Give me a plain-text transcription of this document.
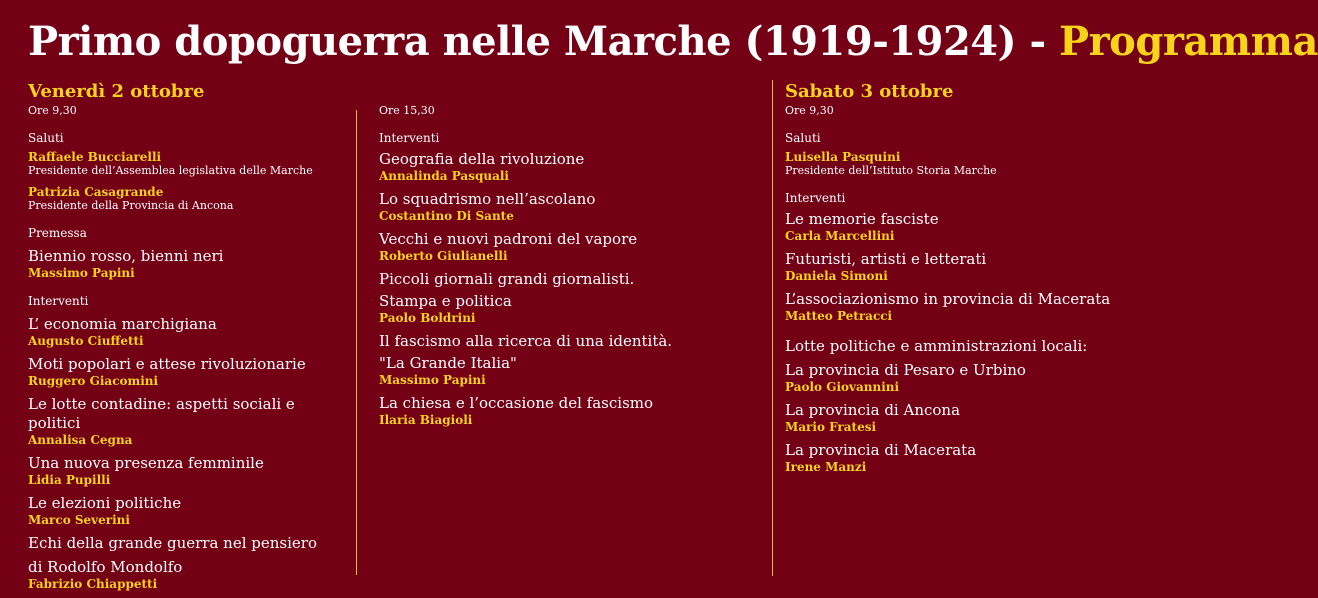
Primo dopoguerra nelle Marche (1919-1924) - Programma
Venerdì 2 ottobre
Ore 9,30
Saluti
Raffaele Bucciarelli
Presidente dell’Assemblea legislativa delle Marche
Patrizia Casagrande
Presidente della Provincia di Ancona
Premessa
Biennio rosso, bienni neri
Massimo Papini
Interventi
L’ economia marchigiana
Augusto Ciuffetti
Moti popolari e attese rivoluzionarie
Ruggero Giacomini
Le lotte contadine: aspetti sociali e politici
Annalisa Cegna
Una nuova presenza femminile
Lidia Pupilli
Le elezioni politiche
Marco Severini
Echi della grande guerra nel pensiero
di Rodolfo Mondolfo
Fabrizio Chiappetti
Ore 15,30
Interventi
Geografia della rivoluzione
Annalinda Pasquali
Lo squadrismo nell’ascolano
Costantino Di Sante
Vecchi e nuovi padroni del vapore
Roberto Giulianelli
Piccoli giornali grandi giornalisti.
Stampa e politica
Paolo Boldrini
Il fascismo alla ricerca di una identità.
"La Grande Italia"
Massimo Papini
La chiesa e l’occasione del fascismo
Ilaria Biagioli
Sabato 3 ottobre
Ore 9,30
Saluti
Luisella Pasquini
Presidente dell’Istituto Storia Marche
Interventi
Le memorie fasciste
Carla Marcellini
Futuristi, artisti e letterati
Daniela Simoni
L’associazionismo in provincia di Macerata
Matteo Petracci
Lotte politiche e amministrazioni locali:
La provincia di Pesaro e Urbino
Paolo Giovannini
La provincia di Ancona
Mario Fratesi
La provincia di Macerata
Irene Manzi
